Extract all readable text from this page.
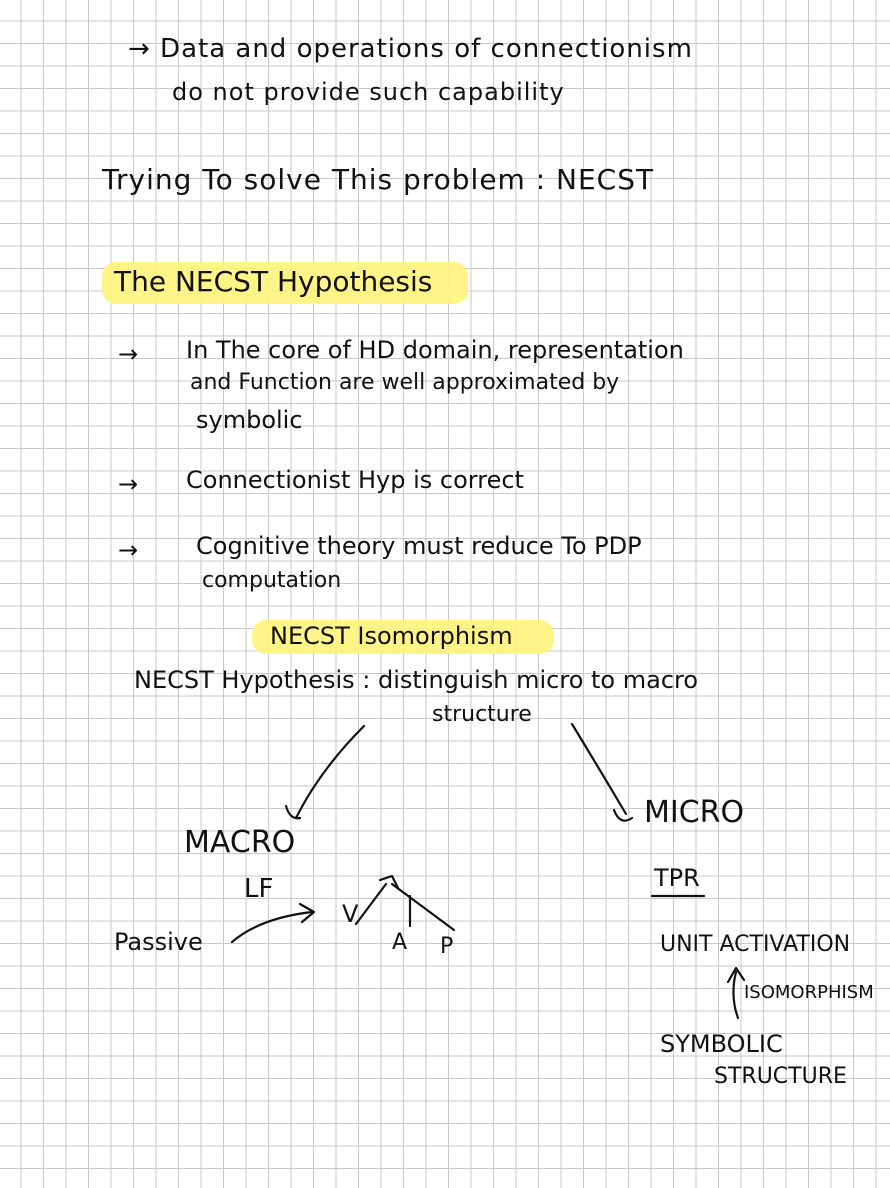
→ Data and operations of connectionism

do not provide such capability

Trying To solve This problem : NECST

The NECST Hypothesis

→ In The core of HD domain, representation

and Function are well approximated by

symbolic

→ Connectionist Hyp is correct

→ Cognitive theory must reduce To PDP

computation

NECST Isomorphism

NECST Hypothesis : distinguish micro to macro

structure

MACRO

LF

Passive

V

A P

MICRO

TPR

UNIT ACTIVATION

ISOMORPHISM

SYMBOLIC

STRUCTURE
